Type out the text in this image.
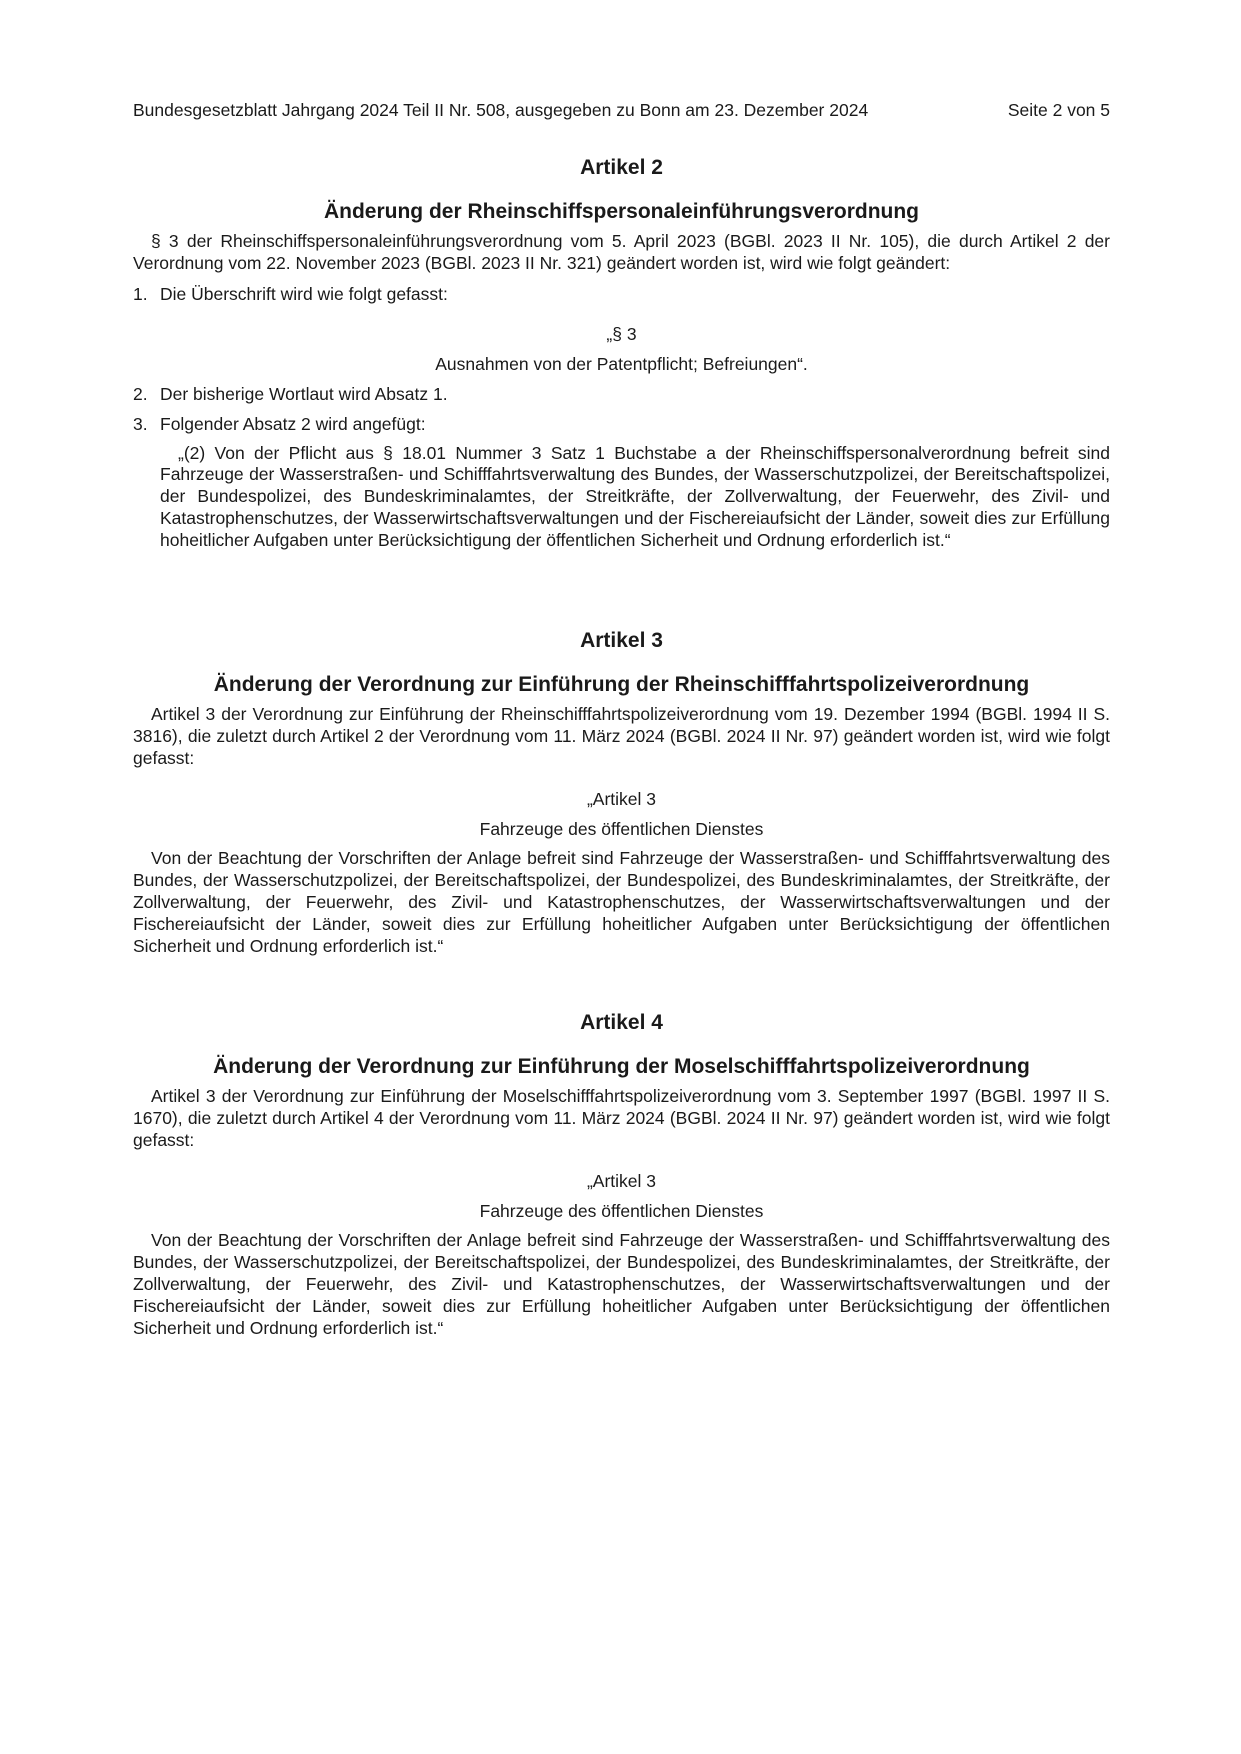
Bundesgesetzblatt Jahrgang 2024 Teil II Nr. 508, ausgegeben zu Bonn am 23. Dezember 2024	Seite 2 von 5
Artikel 2
Änderung der Rheinschiffspersonaleinführungsverordnung

§ 3 der Rheinschiffspersonaleinführungsverordnung vom 5. April 2023 (BGBl. 2023 II Nr. 105), die durch Artikel 2 der Verordnung vom 22. November 2023 (BGBl. 2023 II Nr. 321) geändert worden ist, wird wie folgt geändert:

1. Die Überschrift wird wie folgt gefasst:
„§ 3
Ausnahmen von der Patentpflicht; Befreiungen“.
2. Der bisherige Wortlaut wird Absatz 1.
3. Folgender Absatz 2 wird angefügt:

„(2) Von der Pflicht aus § 18.01 Nummer 3 Satz 1 Buchstabe a der Rheinschiffspersonalverordnung befreit sind Fahrzeuge der Wasserstraßen- und Schifffahrtsverwaltung des Bundes, der Wasserschutzpolizei, der Bereitschaftspolizei, der Bundespolizei, des Bundeskriminalamtes, der Streitkräfte, der Zollverwaltung, der Feuerwehr, des Zivil- und Katastrophenschutzes, der Wasserwirtschaftsverwaltungen und der Fischereiaufsicht der Länder, soweit dies zur Erfüllung hoheitlicher Aufgaben unter Berücksichtigung der öffentlichen Sicherheit und Ordnung erforderlich ist.“

Artikel 3
Änderung der Verordnung zur Einführung der Rheinschifffahrtspolizeiverordnung

Artikel 3 der Verordnung zur Einführung der Rheinschifffahrtspolizeiverordnung vom 19. Dezember 1994 (BGBl. 1994 II S. 3816), die zuletzt durch Artikel 2 der Verordnung vom 11. März 2024 (BGBl. 2024 II Nr. 97) geändert worden ist, wird wie folgt gefasst:

„Artikel 3
Fahrzeuge des öffentlichen Dienstes

Von der Beachtung der Vorschriften der Anlage befreit sind Fahrzeuge der Wasserstraßen- und Schifffahrtsverwaltung des Bundes, der Wasserschutzpolizei, der Bereitschaftspolizei, der Bundespolizei, des Bundeskriminalamtes, der Streitkräfte, der Zollverwaltung, der Feuerwehr, des Zivil- und Katastrophenschutzes, der Wasserwirtschaftsverwaltungen und der Fischereiaufsicht der Länder, soweit dies zur Erfüllung hoheitlicher Aufgaben unter Berücksichtigung der öffentlichen Sicherheit und Ordnung erforderlich ist.“

Artikel 4
Änderung der Verordnung zur Einführung der Moselschifffahrtspolizeiverordnung

Artikel 3 der Verordnung zur Einführung der Moselschifffahrtspolizeiverordnung vom 3. September 1997 (BGBl. 1997 II S. 1670), die zuletzt durch Artikel 4 der Verordnung vom 11. März 2024 (BGBl. 2024 II Nr. 97) geändert worden ist, wird wie folgt gefasst:

„Artikel 3
Fahrzeuge des öffentlichen Dienstes

Von der Beachtung der Vorschriften der Anlage befreit sind Fahrzeuge der Wasserstraßen- und Schifffahrtsverwaltung des Bundes, der Wasserschutzpolizei, der Bereitschaftspolizei, der Bundespolizei, des Bundeskriminalamtes, der Streitkräfte, der Zollverwaltung, der Feuerwehr, des Zivil- und Katastrophenschutzes, der Wasserwirtschaftsverwaltungen und der Fischereiaufsicht der Länder, soweit dies zur Erfüllung hoheitlicher Aufgaben unter Berücksichtigung der öffentlichen Sicherheit und Ordnung erforderlich ist.“
